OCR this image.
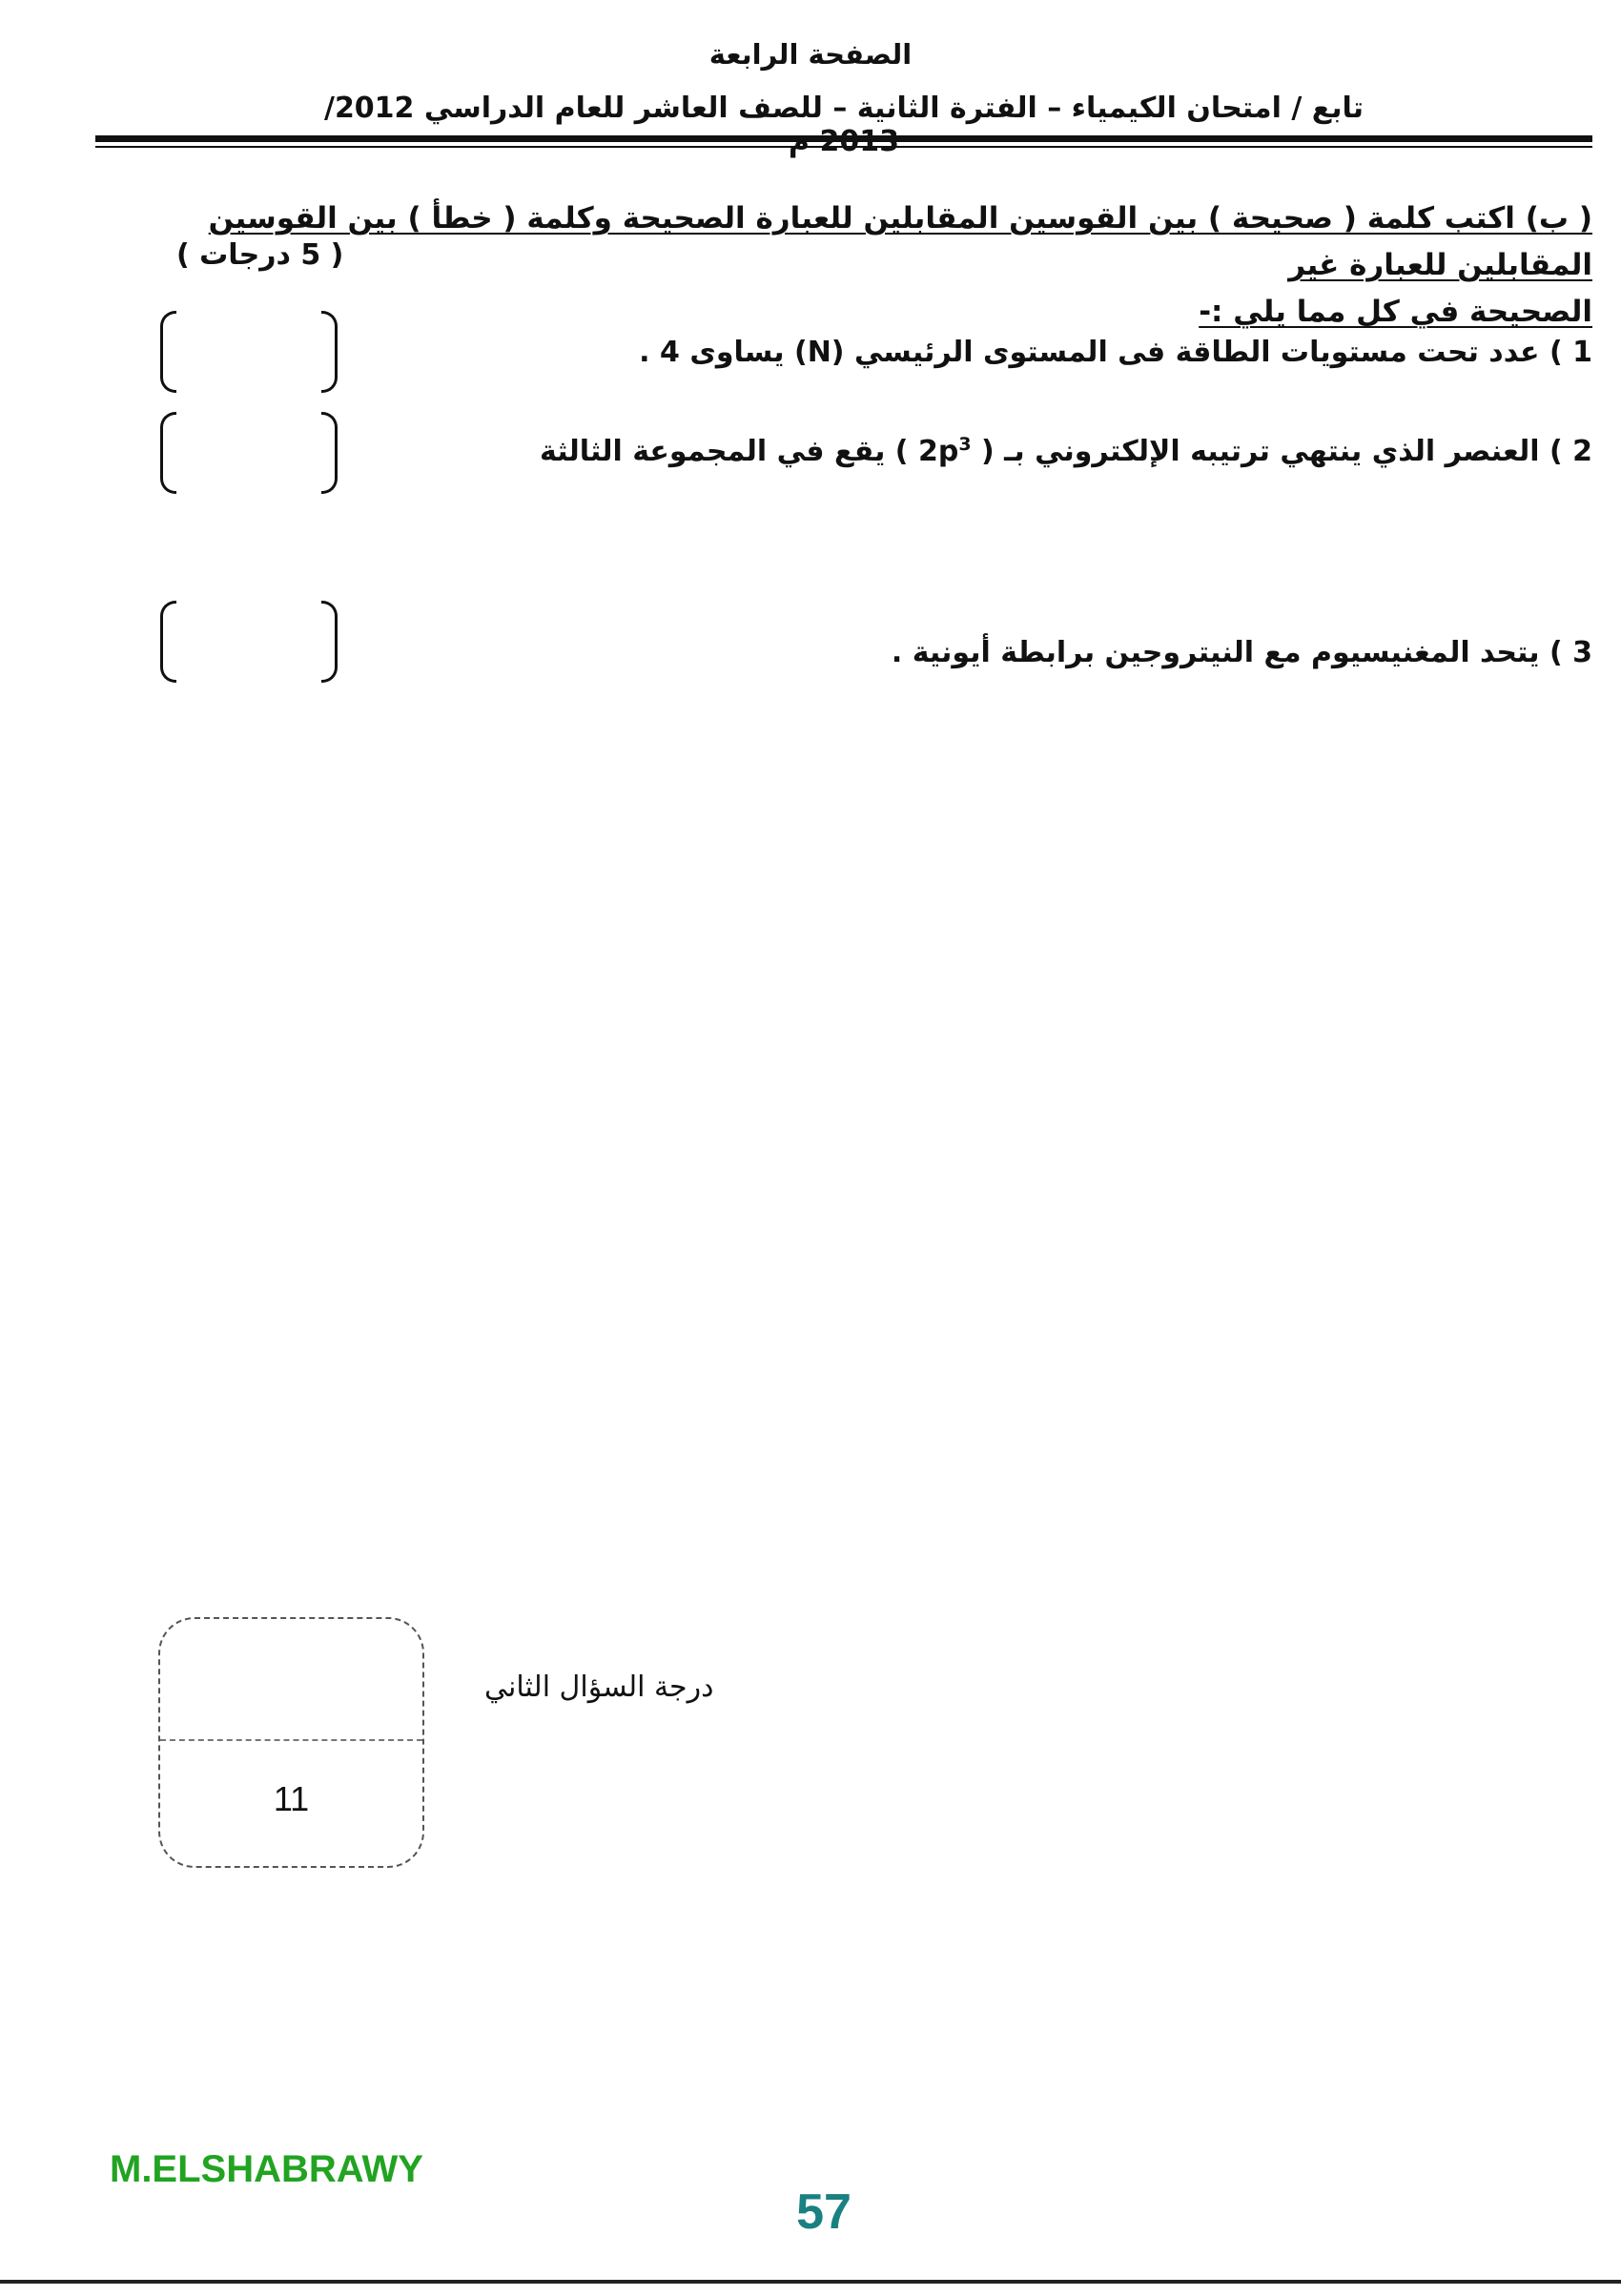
الصفحة الرابعة
تابع / امتحان الكيمياء – الفترة الثانية – للصف العاشر للعام الدراسي 2012/
( ب) اكتب كلمة ( صحيحة ) بين القوسين المقابلين للعبارة الصحيحة وكلمة ( خطأ ) بين القوسين المقابلين للعبارة غير
الصحيحة في كل مما يلي :-
( 5 درجات )
1 ) عدد تحت مستويات الطاقة فى المستوى الرئيسي (N) يساوى 4 .
2 ) العنصر الذي ينتهي ترتيبه الإلكتروني بـ ( $2p^3$ ) يقع في المجموعة الثالثة
3 ) يتحد المغنيسيوم مع النيتروجين برابطة أيونية .
درجة السؤال الثاني
11
M.ELSHABRAWY
57
